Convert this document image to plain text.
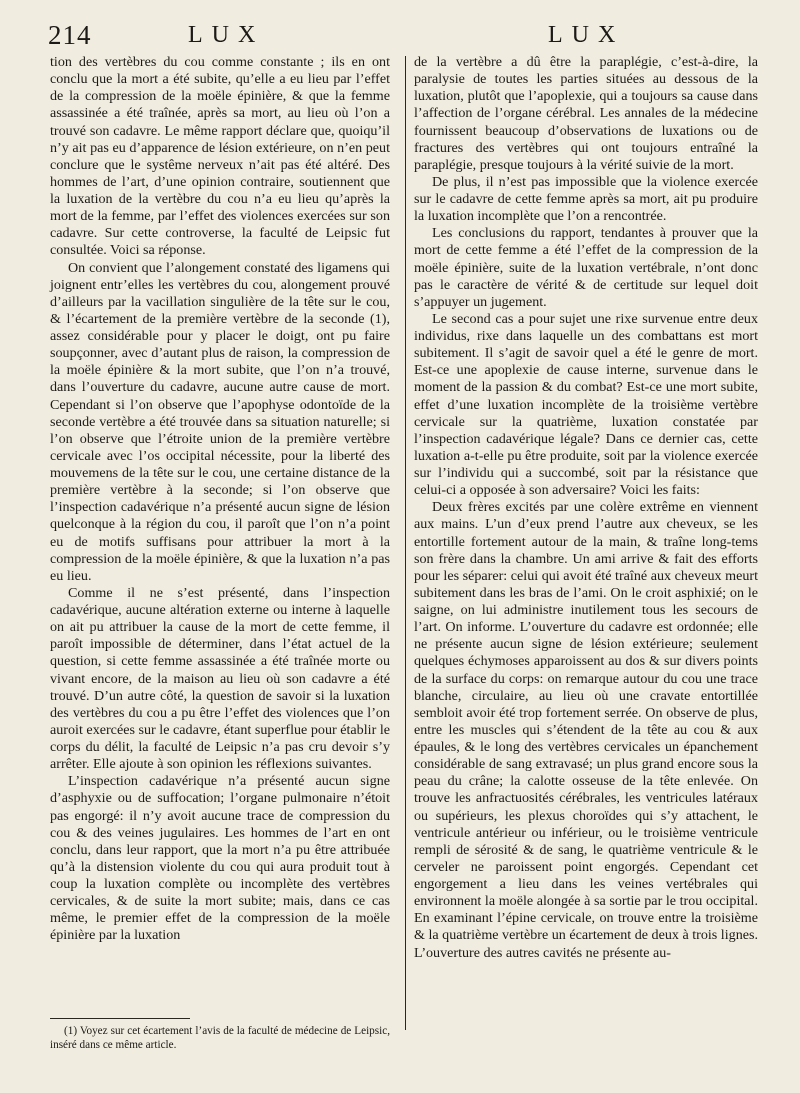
214	LUX	LUX

tion des vertèbres du cou comme constante ; ils en ont conclu que la mort a été subite, qu’elle a eu lieu par l’effet de la compression de la moële épinière, & que la femme assassinée a été traînée, après sa mort, au lieu où l’on a trouvé son cadavre. Le même rapport déclare que, quoiqu’il n’y ait pas eu d’apparence de lésion extérieure, on n’en peut conclure que le systême nerveux n’ait pas été altéré. Des hommes de l’art, d’une opinion contraire, soutiennent que la luxation de la vertèbre du cou n’a eu lieu qu’après la mort de la femme, par l’effet des violences exercées sur son cadavre. Sur cette controverse, la faculté de Leipsic fut consultée. Voici sa réponse.

On convient que l’alongement constaté des ligamens qui joignent entr’elles les vertèbres du cou, alongement prouvé d’ailleurs par la vacillation singulière de la tête sur le cou, & l’écartement de la première vertèbre de la seconde (1), assez considérable pour y placer le doigt, ont pu faire soupçonner, avec d’autant plus de raison, la compression de la moële épinière & la mort subite, que l’on n’a trouvé, dans l’ouverture du cadavre, aucune autre cause de mort. Cependant si l’on observe que l’apophyse odontoïde de la seconde vertèbre a été trouvée dans sa situation naturelle; si l’on observe que l’étroite union de la première vertèbre cervicale avec l’os occipital nécessite, pour la liberté des mouvemens de la tête sur le cou, une certaine distance de la première vertèbre à la seconde; si l’on observe que l’inspection cadavérique n’a présenté aucun signe de lésion quelconque à la région du cou, il paroît que l’on n’a point eu de motifs suffisans pour attribuer la mort à la compression de la moële épinière, & que la luxation n’a pas eu lieu.

Comme il ne s’est présenté, dans l’inspection cadavérique, aucune altération externe ou interne à laquelle on ait pu attribuer la cause de la mort de cette femme, il paroît impossible de déterminer, dans l’état actuel de la question, si cette femme assassinée a été traînée morte ou vivant encore, de la maison au lieu où son cadavre a été trouvé. D’un autre côté, la question de savoir si la luxation des vertèbres du cou a pu être l’effet des violences que l’on auroit exercées sur le cadavre, étant superflue pour établir le corps du délit, la faculté de Leipsic n’a pas cru devoir s’y arrêter. Elle ajoute à son opinion les réflexions suivantes.

L’inspection cadavérique n’a présenté aucun signe d’asphyxie ou de suffocation; l’organe pulmonaire n’étoit pas engorgé: il n’y avoit aucune trace de compression du cou & des veines jugulaires. Les hommes de l’art en ont conclu, dans leur rapport, que la mort n’a pu être attribuée qu’à la distension violente du cou qui aura produit tout à coup la luxation complète ou incomplète des vertèbres cervicales, & de suite la mort subite; mais, dans ce cas même, le premier effet de la compression de la moële épinière par la luxation

de la vertèbre a dû être la paraplégie, c’est-à-dire, la paralysie de toutes les parties situées au dessous de la luxation, plutôt que l’apoplexie, qui a toujours sa cause dans l’affection de l’organe cérébral. Les annales de la médecine fournissent beaucoup d’observations de luxations ou de fractures des vertèbres qui ont toujours entraîné la paraplégie, presque toujours à la vérité suivie de la mort.

De plus, il n’est pas impossible que la violence exercée sur le cadavre de cette femme après sa mort, ait pu produire la luxation incomplète que l’on a rencontrée.

Les conclusions du rapport, tendantes à prouver que la mort de cette femme a été l’effet de la compression de la moële épinière, suite de la luxation vertébrale, n’ont donc pas le caractère de vérité & de certitude sur lequel doit s’appuyer un jugement.

Le second cas a pour sujet une rixe survenue entre deux individus, rixe dans laquelle un des combattans est mort subitement. Il s’agit de savoir quel a été le genre de mort. Est-ce une apoplexie de cause interne, survenue dans le moment de la passion & du combat? Est-ce une mort subite, effet d’une luxation incomplète de la troisième vertèbre cervicale sur la quatrième, luxation constatée par l’inspection cadavérique légale? Dans ce dernier cas, cette luxation a-t-elle pu être produite, soit par la violence exercée sur l’individu qui a succombé, soit par la résistance que celui-ci a opposée à son adversaire? Voici les faits:

Deux frères excités par une colère extrême en viennent aux mains. L’un d’eux prend l’autre aux cheveux, se les entortille fortement autour de la main, & traîne long-tems son frère dans la chambre. Un ami arrive & fait des efforts pour les séparer: celui qui avoit été traîné aux cheveux meurt subitement dans les bras de l’ami. On le croit asphixié; on le saigne, on lui administre inutilement tous les secours de l’art. On informe. L’ouverture du cadavre est ordonnée; elle ne présente aucun signe de lésion extérieure; seulement quelques échymoses apparoissent au dos & sur divers points de la surface du corps: on remarque autour du cou une trace blanche, circulaire, au lieu où une cravate entortillée sembloit avoir été trop fortement serrée. On observe de plus, entre les muscles qui s’étendent de la tête au cou & aux épaules, & le long des vertèbres cervicales un épanchement considérable de sang extravasé; un plus grand encore sous la peau du crâne; la calotte osseuse de la tête enlevée. On trouve les anfractuosités cérébrales, les ventricules latéraux ou supérieurs, les plexus choroïdes qui s’y attachent, le ventricule antérieur ou inférieur, ou le troisième ventricule rempli de sérosité & de sang, le quatrième ventricule & le cerveler ne paroissent point engorgés. Cependant cet engorgement a lieu dans les veines vertébrales qui environnent la moële alongée à sa sortie par le trou occipital. En examinant l’épine cervicale, on trouve entre la troisième & la quatrième vertèbre un écartement de deux à trois lignes. L’ouverture des autres cavités ne présente au-

(1) Voyez sur cet écartement l’avis de la faculté de médecine de Leipsic, inséré dans ce même article.
